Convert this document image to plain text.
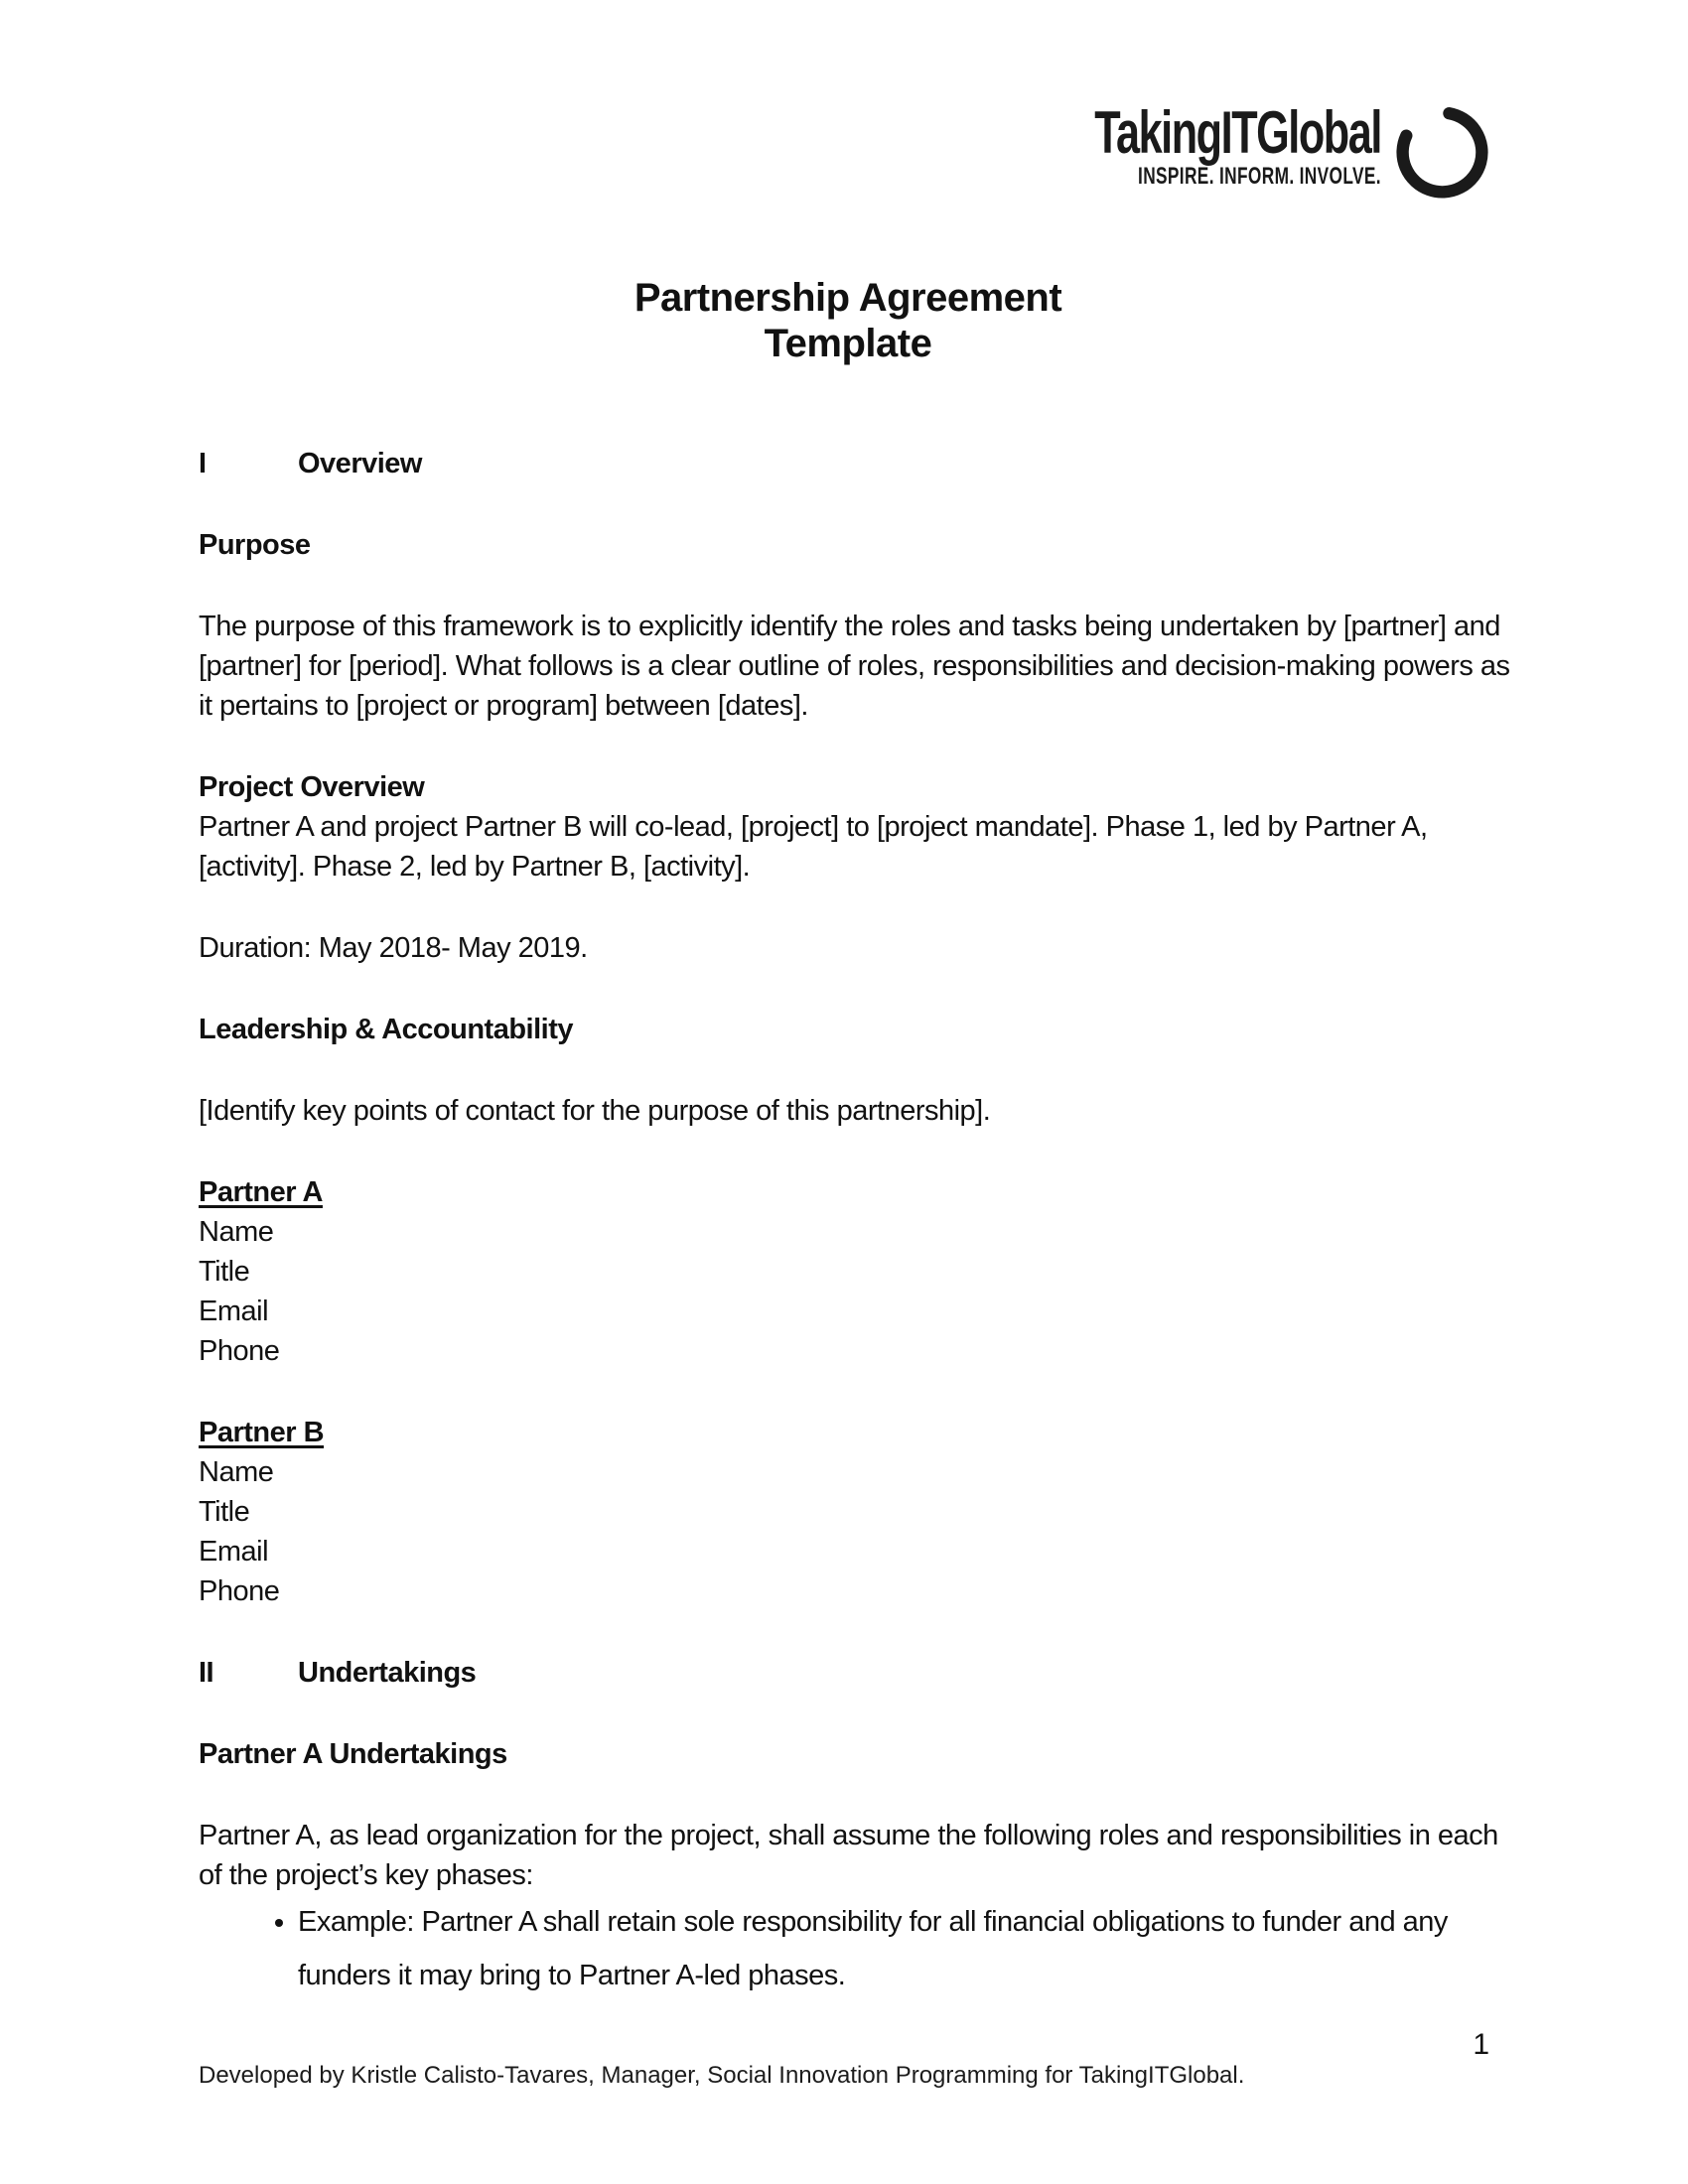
TakingITGlobal
INSPIRE. INFORM. INVOLVE.
Partnership Agreement
Template
I	Overview
Purpose

The purpose of this framework is to explicitly identify the roles and tasks being undertaken by [partner] and [partner] for [period]. What follows is a clear outline of roles, responsibilities and decision-making powers as it pertains to [project or program] between [dates].

Project Overview

Partner A and project Partner B will co-lead, [project] to [project mandate]. Phase 1, led by Partner A, [activity]. Phase 2, led by Partner B, [activity].

Duration: May 2018- May 2019.

Leadership & Accountability

[Identify key points of contact for the purpose of this partnership].

Partner A
Name
Title
Email
Phone
Partner B
Name
Title
Email
Phone
II	Undertakings
Partner A Undertakings

Partner A, as lead organization for the project, shall assume the following roles and responsibilities in each of the project’s key phases:

• Example: Partner A shall retain sole responsibility for all financial obligations to funder and any funders it may bring to Partner A-led phases.
1
Developed by Kristle Calisto-Tavares, Manager, Social Innovation Programming for TakingITGlobal.
